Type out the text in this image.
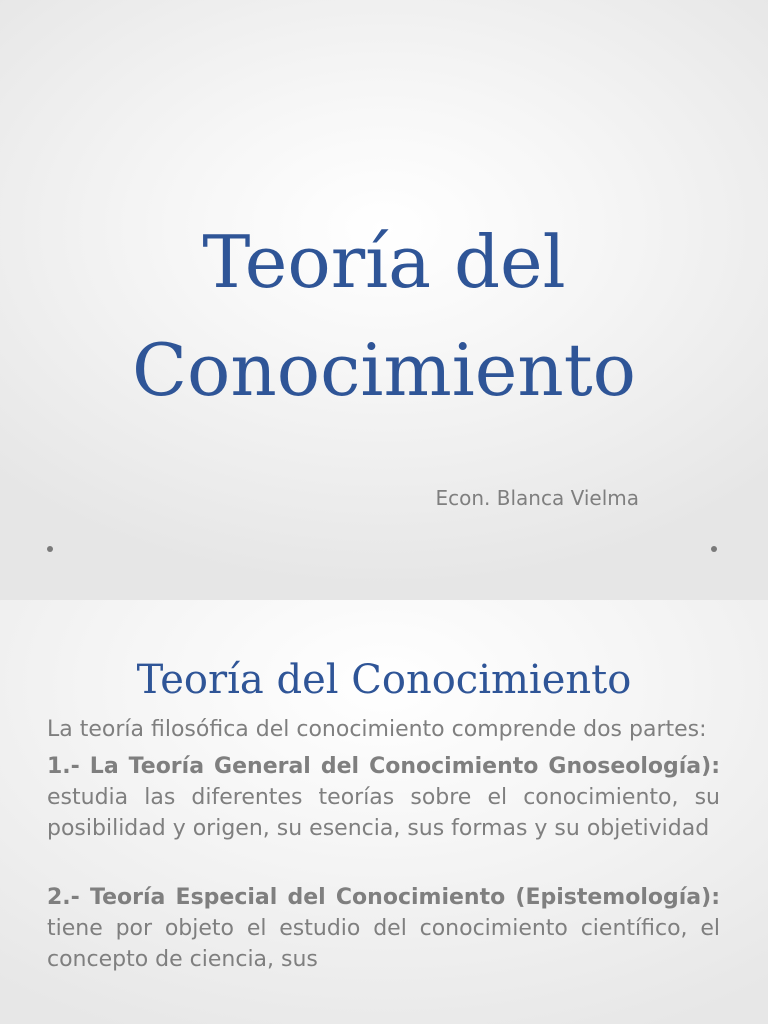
Teoría del
Conocimiento

Econ. Blanca Vielma

Teoría del Conocimiento

La teoría filosófica del conocimiento comprende dos partes:

1.- La Teoría General del Conocimiento Gnoseología): estudia las diferentes teorías sobre el conocimiento, su posibilidad y origen, su esencia, sus formas y su objetividad

2.- Teoría Especial del Conocimiento (Epistemología): tiene por objeto el estudio del conocimiento científico, el concepto de ciencia, sus
